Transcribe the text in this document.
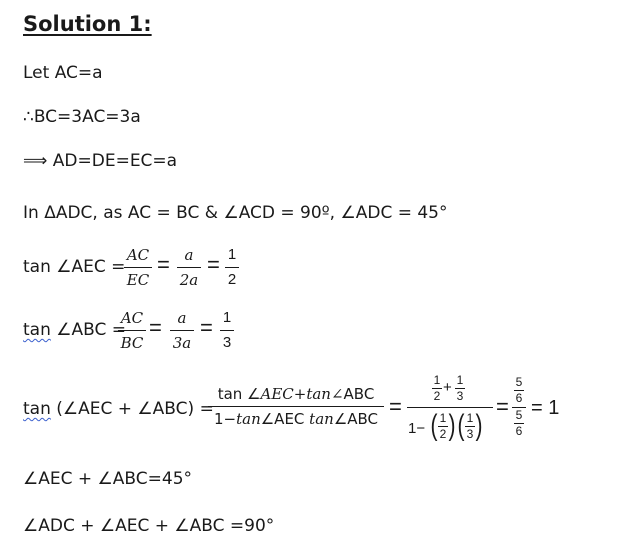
Solution 1:
Let AC=a
∴BC=3AC=3a
⟹ AD=DE=EC=a
In ΔADC, as AC = BC & ∠ACD = 90º, ∠ADC = 45°
tan ∠AEC =
AC
EC
= a
2a
= 1
2
tan ∠ABC =
AC
BC
=	a
3a
= 1
3
tan (∠AEC + ∠ABC) =
tan ∠AEC+tan∠ABC
1−tan∠AEC tan∠ABC =
1
2 + 1
3
1− ( 1
2 ) ( 1
3 )
=
5
6
5
6
= 1
∠AEC + ∠ABC=45°
∠ADC + ∠AEC + ∠ABC =90°
